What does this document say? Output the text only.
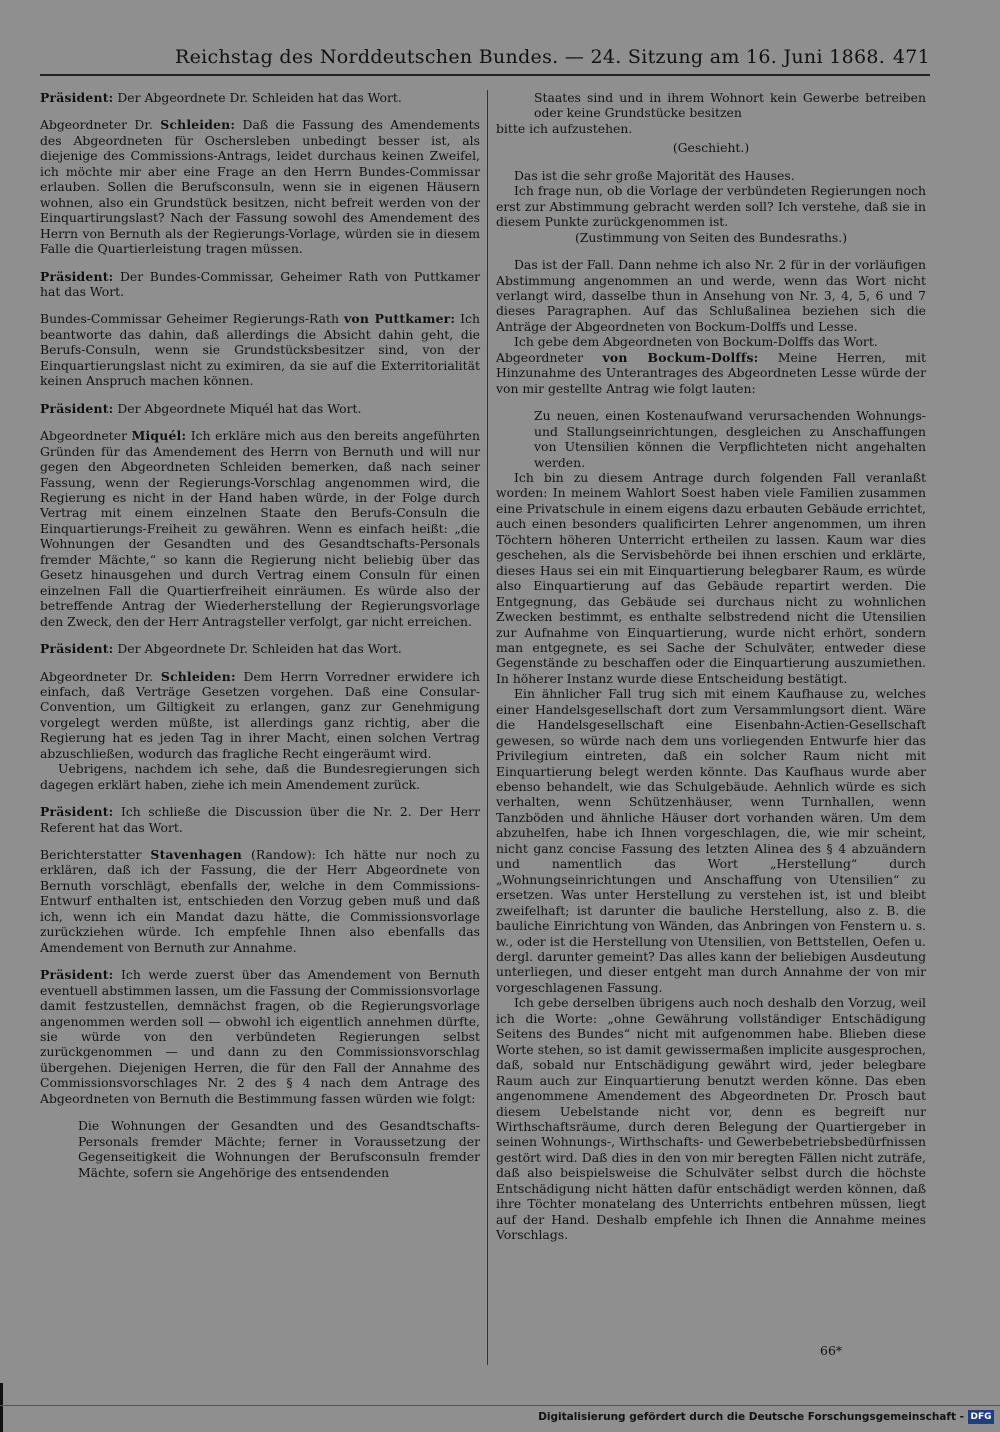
Reichstag des Norddeutschen Bundes. — 24. Sitzung am 16. Juni 1868. 471

Präsident: Der Abgeordnete Dr. Schleiden hat das Wort.

Abgeordneter Dr. Schleiden: Daß die Fassung des Amendements des Abgeordneten für Oschersleben unbedingt besser ist, als diejenige des Commissions-Antrags, leidet durchaus keinen Zweifel, ich möchte mir aber eine Frage an den Herrn Bundes-Commissar erlauben. Sollen die Berufsconsuln, wenn sie in eigenen Häusern wohnen, also ein Grundstück besitzen, nicht befreit werden von der Einquartirungslast? Nach der Fassung sowohl des Amendement des Herrn von Bernuth als der Regierungs-Vorlage, würden sie in diesem Falle die Quartierleistung tragen müssen.

Präsident: Der Bundes-Commissar, Geheimer Rath von Puttkamer hat das Wort.

Bundes-Commissar Geheimer Regierungs-Rath von Puttkamer: Ich beantworte das dahin, daß allerdings die Absicht dahin geht, die Berufs-Consuln, wenn sie Grundstücksbesitzer sind, von der Einquartierungslast nicht zu eximiren, da sie auf die Exterritorialität keinen Anspruch machen können.

Präsident: Der Abgeordnete Miquél hat das Wort.

Abgeordneter Miquél: Ich erkläre mich aus den bereits angeführten Gründen für das Amendement des Herrn von Bernuth und will nur gegen den Abgeordneten Schleiden bemerken, daß nach seiner Fassung, wenn der Regierungs-Vorschlag angenommen wird, die Regierung es nicht in der Hand haben würde, in der Folge durch Vertrag mit einem einzelnen Staate den Berufs-Consuln die Einquartierungs-Freiheit zu gewähren. Wenn es einfach heißt: „die Wohnungen der Gesandten und des Gesandtschafts-Personals fremder Mächte,“ so kann die Regierung nicht beliebig über das Gesetz hinausgehen und durch Vertrag einem Consuln für einen einzelnen Fall die Quartierfreiheit einräumen. Es würde also der betreffende Antrag der Wiederherstellung der Regierungsvorlage den Zweck, den der Herr Antragsteller verfolgt, gar nicht erreichen.

Präsident: Der Abgeordnete Dr. Schleiden hat das Wort.

Abgeordneter Dr. Schleiden: Dem Herrn Vorredner erwidere ich einfach, daß Verträge Gesetzen vorgehen. Daß eine Consular-Convention, um Giltigkeit zu erlangen, ganz zur Genehmigung vorgelegt werden müßte, ist allerdings ganz richtig, aber die Regierung hat es jeden Tag in ihrer Macht, einen solchen Vertrag abzuschließen, wodurch das fragliche Recht eingeräumt wird.

Uebrigens, nachdem ich sehe, daß die Bundesregierungen sich dagegen erklärt haben, ziehe ich mein Amendement zurück.

Präsident: Ich schließe die Discussion über die Nr. 2. Der Herr Referent hat das Wort.

Berichterstatter Stavenhagen (Randow): Ich hätte nur noch zu erklären, daß ich der Fassung, die der Herr Abgeordnete von Bernuth vorschlägt, ebenfalls der, welche in dem Commissions-Entwurf enthalten ist, entschieden den Vorzug geben muß und daß ich, wenn ich ein Mandat dazu hätte, die Commissionsvorlage zurückziehen würde. Ich empfehle Ihnen also ebenfalls das Amendement von Bernuth zur Annahme.

Präsident: Ich werde zuerst über das Amendement von Bernuth eventuell abstimmen lassen, um die Fassung der Commissionsvorlage damit festzustellen, demnächst fragen, ob die Regierungsvorlage angenommen werden soll — obwohl ich eigentlich annehmen dürfte, sie würde von den verbündeten Regierungen selbst zurückgenommen — und dann zu den Commissionsvorschlag übergehen. Diejenigen Herren, die für den Fall der Annahme des Commissionsvorschlages Nr. 2 des § 4 nach dem Antrage des Abgeordneten von Bernuth die Bestimmung fassen würden wie folgt:

Die Wohnungen der Gesandten und des Gesandtschafts-Personals fremder Mächte; ferner in Voraussetzung der Gegenseitigkeit die Wohnungen der Berufsconsuln fremder Mächte, sofern sie Angehörige des entsendenden

Staates sind und in ihrem Wohnort kein Gewerbe betreiben oder keine Grundstücke besitzen

bitte ich aufzustehen.

(Geschieht.)

Das ist die sehr große Majorität des Hauses.

Ich frage nun, ob die Vorlage der verbündeten Regierungen noch erst zur Abstimmung gebracht werden soll? Ich verstehe, daß sie in diesem Punkte zurückgenommen ist.

(Zustimmung von Seiten des Bundesraths.)

Das ist der Fall. Dann nehme ich also Nr. 2 für in der vorläufigen Abstimmung angenommen an und werde, wenn das Wort nicht verlangt wird, dasselbe thun in Ansehung von Nr. 3, 4, 5, 6 und 7 dieses Paragraphen. Auf das Schlußalinea beziehen sich die Anträge der Abgeordneten von Bockum-Dolffs und Lesse.

Ich gebe dem Abgeordneten von Bockum-Dolffs das Wort.

Abgeordneter von Bockum-Dolffs: Meine Herren, mit Hinzunahme des Unterantrages des Abgeordneten Lesse würde der von mir gestellte Antrag wie folgt lauten:

Zu neuen, einen Kostenaufwand verursachenden Wohnungs- und Stallungseinrichtungen, desgleichen zu Anschaffungen von Utensilien können die Verpflichteten nicht angehalten werden.

Ich bin zu diesem Antrage durch folgenden Fall veranlaßt worden: In meinem Wahlort Soest haben viele Familien zusammen eine Privatschule in einem eigens dazu erbauten Gebäude errichtet, auch einen besonders qualificirten Lehrer angenommen, um ihren Töchtern höheren Unterricht ertheilen zu lassen. Kaum war dies geschehen, als die Servisbehörde bei ihnen erschien und erklärte, dieses Haus sei ein mit Einquartierung belegbarer Raum, es würde also Einquartierung auf das Gebäude repartirt werden. Die Entgegnung, das Gebäude sei durchaus nicht zu wohnlichen Zwecken bestimmt, es enthalte selbstredend nicht die Utensilien zur Aufnahme von Einquartierung, wurde nicht erhört, sondern man entgegnete, es sei Sache der Schulväter, entweder diese Gegenstände zu beschaffen oder die Einquartierung auszumiethen. In höherer Instanz wurde diese Entscheidung bestätigt.

Ein ähnlicher Fall trug sich mit einem Kaufhause zu, welches einer Handelsgesellschaft dort zum Versammlungsort dient. Wäre die Handelsgesellschaft eine Eisenbahn-Actien-Gesellschaft gewesen, so würde nach dem uns vorliegenden Entwurfe hier das Privilegium eintreten, daß ein solcher Raum nicht mit Einquartierung belegt werden könnte. Das Kaufhaus wurde aber ebenso behandelt, wie das Schulgebäude. Aehnlich würde es sich verhalten, wenn Schützenhäuser, wenn Turnhallen, wenn Tanzböden und ähnliche Häuser dort vorhanden wären. Um dem abzuhelfen, habe ich Ihnen vorgeschlagen, die, wie mir scheint, nicht ganz concise Fassung des letzten Alinea des § 4 abzuändern und namentlich das Wort „Herstellung“ durch „Wohnungseinrichtungen und Anschaffung von Utensilien“ zu ersetzen. Was unter Herstellung zu verstehen ist, ist und bleibt zweifelhaft; ist darunter die bauliche Herstellung, also z. B. die bauliche Einrichtung von Wänden, das Anbringen von Fenstern u. s. w., oder ist die Herstellung von Utensilien, von Bettstellen, Oefen u. dergl. darunter gemeint? Das alles kann der beliebigen Ausdeutung unterliegen, und dieser entgeht man durch Annahme der von mir vorgeschlagenen Fassung.

Ich gebe derselben übrigens auch noch deshalb den Vorzug, weil ich die Worte: „ohne Gewährung vollständiger Entschädigung Seitens des Bundes“ nicht mit aufgenommen habe. Blieben diese Worte stehen, so ist damit gewissermaßen implicite ausgesprochen, daß, sobald nur Entschädigung gewährt wird, jeder belegbare Raum auch zur Einquartierung benutzt werden könne. Das eben angenommene Amendement des Abgeordneten Dr. Prosch baut diesem Uebelstande nicht vor, denn es begreift nur Wirthschaftsräume, durch deren Belegung der Quartiergeber in seinen Wohnungs-, Wirthschafts- und Gewerbebetriebsbedürfnissen gestört wird. Daß dies in den von mir beregten Fällen nicht zuträfe, daß also beispielsweise die Schulväter selbst durch die höchste Entschädigung nicht hätten dafür entschädigt werden können, daß ihre Töchter monatelang des Unterrichts entbehren müssen, liegt auf der Hand. Deshalb empfehle ich Ihnen die Annahme meines Vorschlags.

66*
Digitalisierung gefördert durch die Deutsche Forschungsgemeinschaft - DFG
